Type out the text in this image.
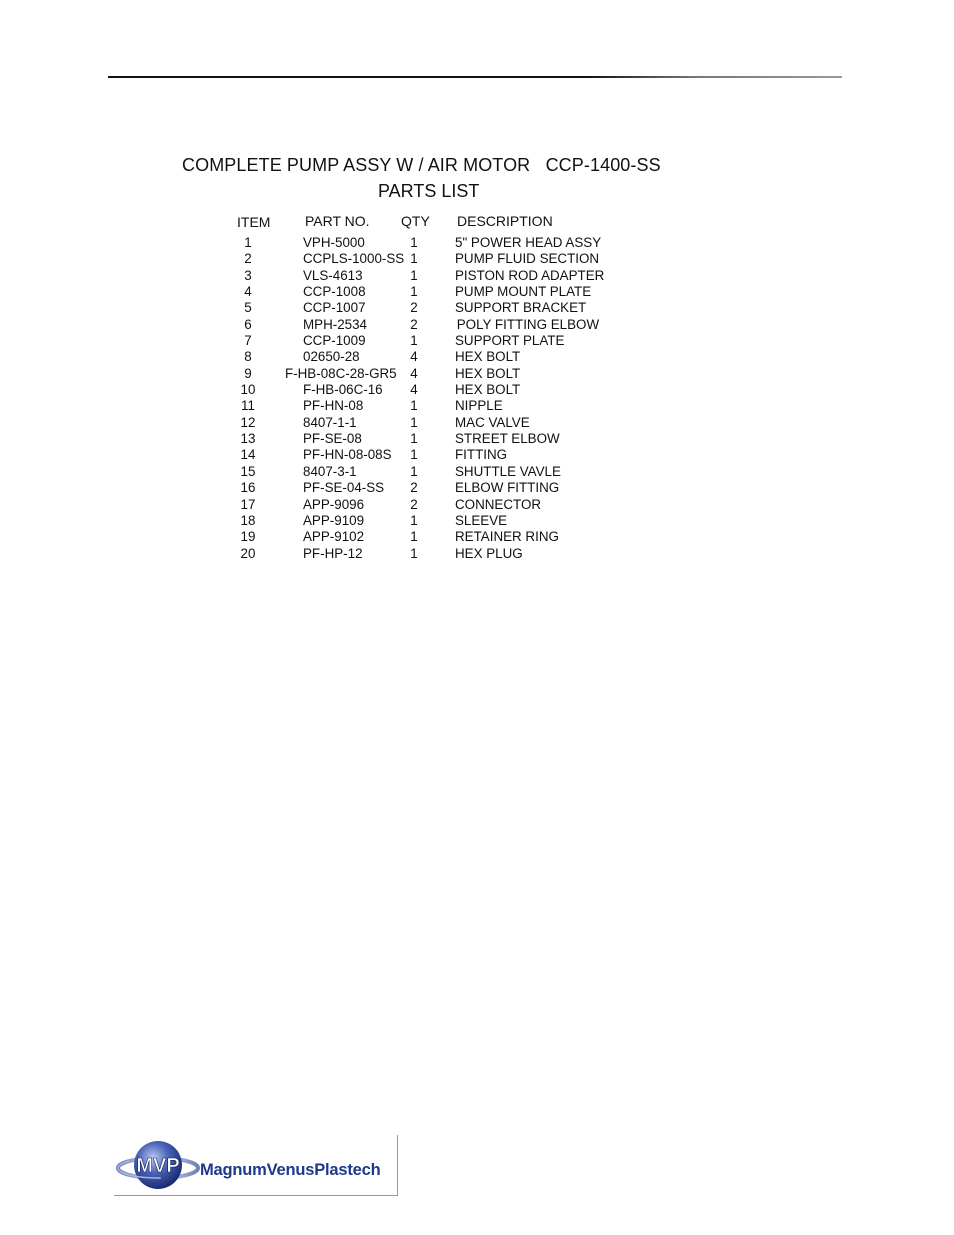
COMPLETE PUMP ASSY W / AIR MOTOR   CCP-1400-SS
PARTS LIST
ITEM PART NO. QTY DESCRIPTION
1	VPH-5000	1	5" POWER HEAD ASSY
2	CCPLS-1000-SS 1	PUMP FLUID SECTION
3	VLS-4613	1	PISTON ROD ADAPTER
4	CCP-1008	1	PUMP MOUNT PLATE
5	CCP-1007	2	SUPPORT BRACKET
6	MPH-2534	2	POLY FITTING ELBOW
7	CCP-1009	1	SUPPORT PLATE
8	02650-28	4	HEX BOLT
9	F-HB-08C-28-GR5	4	HEX BOLT
10	F-HB-06C-16	4	HEX BOLT
11	PF-HN-08	1	NIPPLE
12	8407-1-1	1	MAC VALVE
13	PF-SE-08	1	STREET ELBOW
14	PF-HN-08-08S	1	FITTING
15	8407-3-1	1	SHUTTLE VAVLE
16	PF-SE-04-SS	2	ELBOW FITTING
17	APP-9096	2	CONNECTOR
18	APP-9109	1	SLEEVE
19	APP-9102	1	RETAINER RING
20	PF-HP-12	1	HEX PLUG
MVP MagnumVenusPlastech
